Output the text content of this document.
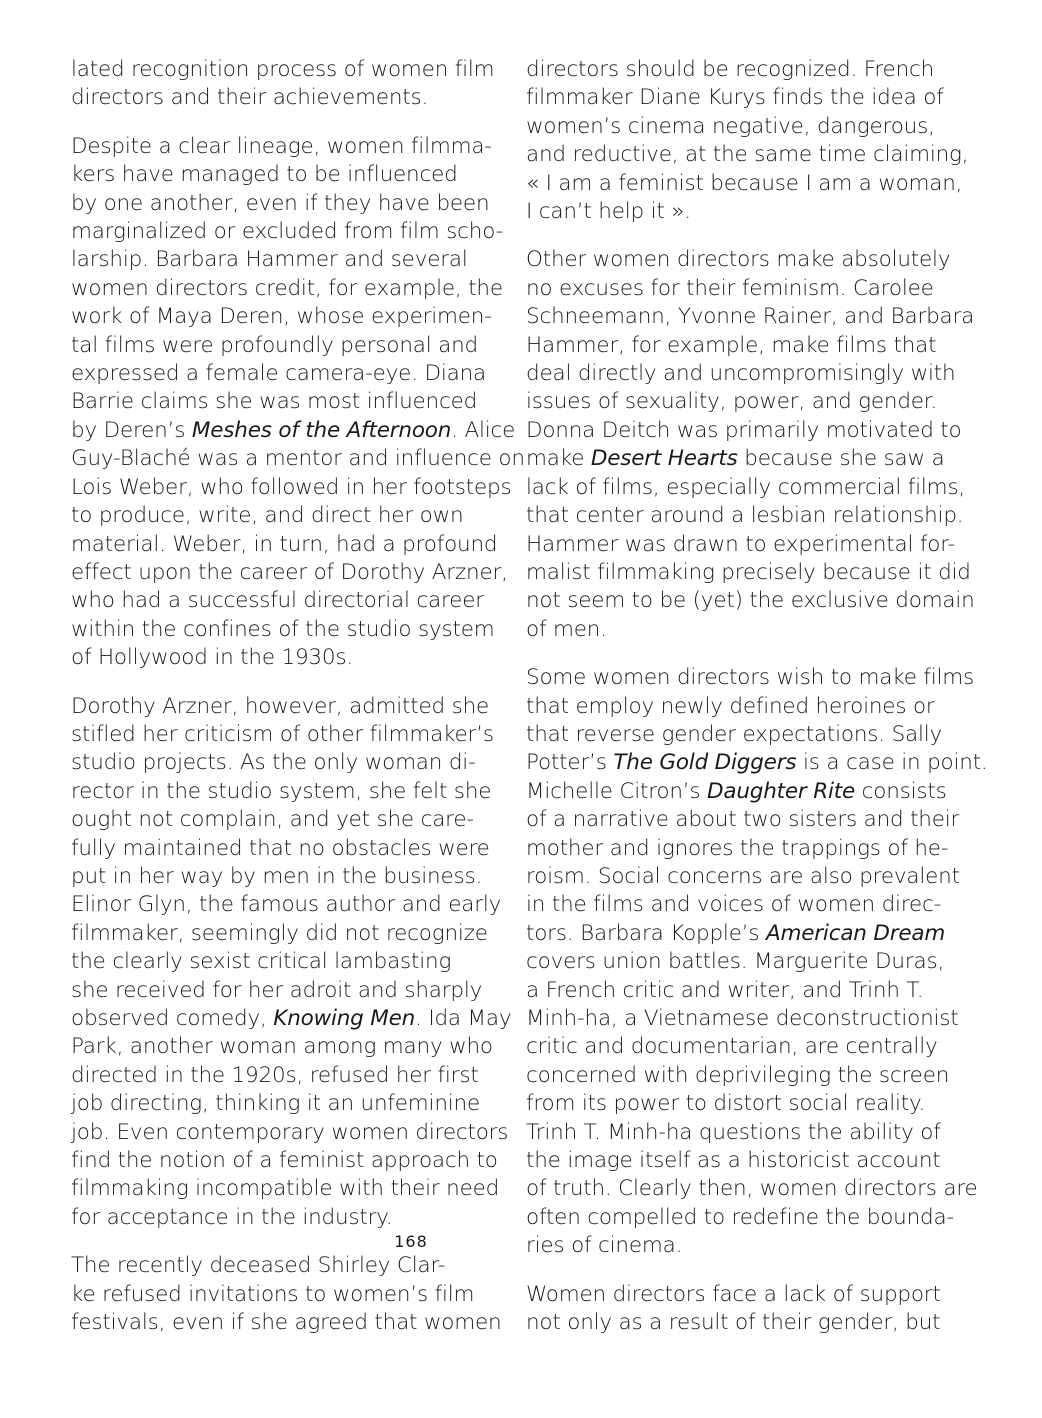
lated recognition process of women film
directors and their achievements.

Despite a clear lineage, women filmma-
kers have managed to be influenced
by one another, even if they have been
marginalized or excluded from film scho-
larship. Barbara Hammer and several
women directors credit, for example, the
work of Maya Deren, whose experimen-
tal films were profoundly personal and
expressed a female camera-eye. Diana
Barrie claims she was most influenced
by Deren’s Meshes of the Afternoon. Alice
Guy-Blaché was a mentor and influence on
Lois Weber, who followed in her footsteps
to produce, write, and direct her own
material. Weber, in turn, had a profound
effect upon the career of Dorothy Arzner,
who had a successful directorial career
within the confines of the studio system
of Hollywood in the 1930s.

Dorothy Arzner, however, admitted she
stifled her criticism of other filmmaker’s
studio projects. As the only woman di-
rector in the studio system, she felt she
ought not complain, and yet she care-
fully maintained that no obstacles were
put in her way by men in the business.
Elinor Glyn, the famous author and early
filmmaker, seemingly did not recognize
the clearly sexist critical lambasting
she received for her adroit and sharply
observed comedy, Knowing Men. Ida May
Park, another woman among many who
directed in the 1920s, refused her first
job directing, thinking it an unfeminine
job. Even contemporary women directors
find the notion of a feminist approach to
filmmaking incompatible with their need
for acceptance in the industry.

The recently deceased Shirley Clar-
ke refused invitations to women’s film
festivals, even if she agreed that women

directors should be recognized. French
filmmaker Diane Kurys finds the idea of
women’s cinema negative, dangerous,
and reductive, at the same time claiming,
« I am a feminist because I am a woman,
I can’t help it ».

Other women directors make absolutely
no excuses for their feminism. Carolee
Schneemann, Yvonne Rainer, and Barbara
Hammer, for example, make films that
deal directly and uncompromisingly with
issues of sexuality, power, and gender.
Donna Deitch was primarily motivated to
make Desert Hearts because she saw a
lack of films, especially commercial films,
that center around a lesbian relationship.
Hammer was drawn to experimental for-
malist filmmaking precisely because it did
not seem to be (yet) the exclusive domain
of men.

Some women directors wish to make films
that employ newly defined heroines or
that reverse gender expectations. Sally
Potter’s The Gold Diggers is a case in point.
Michelle Citron’s Daughter Rite consists
of a narrative about two sisters and their
mother and ignores the trappings of he-
roism. Social concerns are also prevalent
in the films and voices of women direc-
tors. Barbara Kopple’s American Dream
covers union battles. Marguerite Duras,
a French critic and writer, and Trinh T.
Minh-ha, a Vietnamese deconstructionist
critic and documentarian, are centrally
concerned with deprivileging the screen
from its power to distort social reality.
Trinh T. Minh-ha questions the ability of
the image itself as a historicist account
of truth. Clearly then, women directors are
often compelled to redefine the bounda-
ries of cinema.

Women directors face a lack of support
not only as a result of their gender, but

168
